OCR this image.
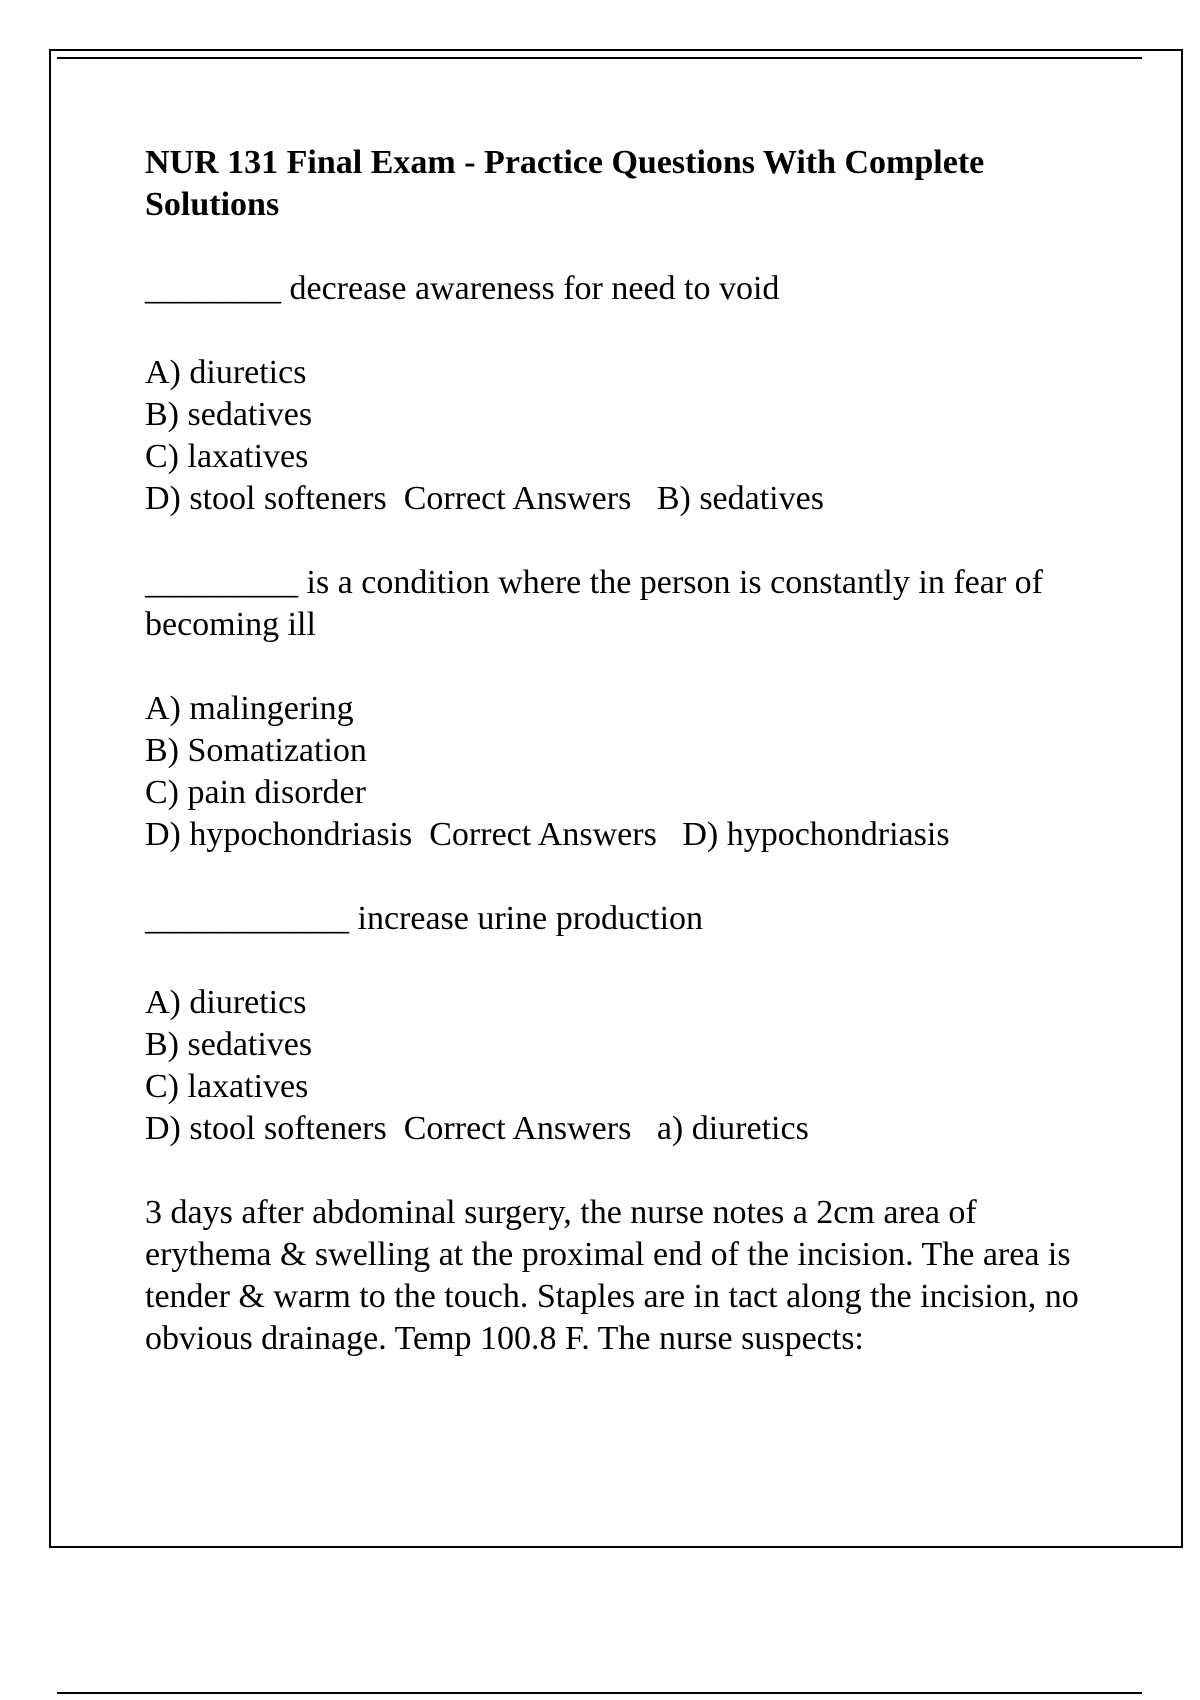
NUR 131 Final Exam - Practice Questions With Complete Solutions
________ decrease awareness for need to void
A) diuretics
B) sedatives
C) laxatives
D) stool softeners  Correct Answers   B) sedatives
_________ is a condition where the person is constantly in fear of becoming ill
A) malingering
B) Somatization
C) pain disorder
D) hypochondriasis  Correct Answers   D) hypochondriasis
____________ increase urine production
A) diuretics
B) sedatives
C) laxatives
D) stool softeners  Correct Answers   a) diuretics
3 days after abdominal surgery, the nurse notes a 2cm area of erythema & swelling at the proximal end of the incision. The area is tender & warm to the touch. Staples are in tact along the incision, no obvious drainage. Temp 100.8 F. The nurse suspects:
